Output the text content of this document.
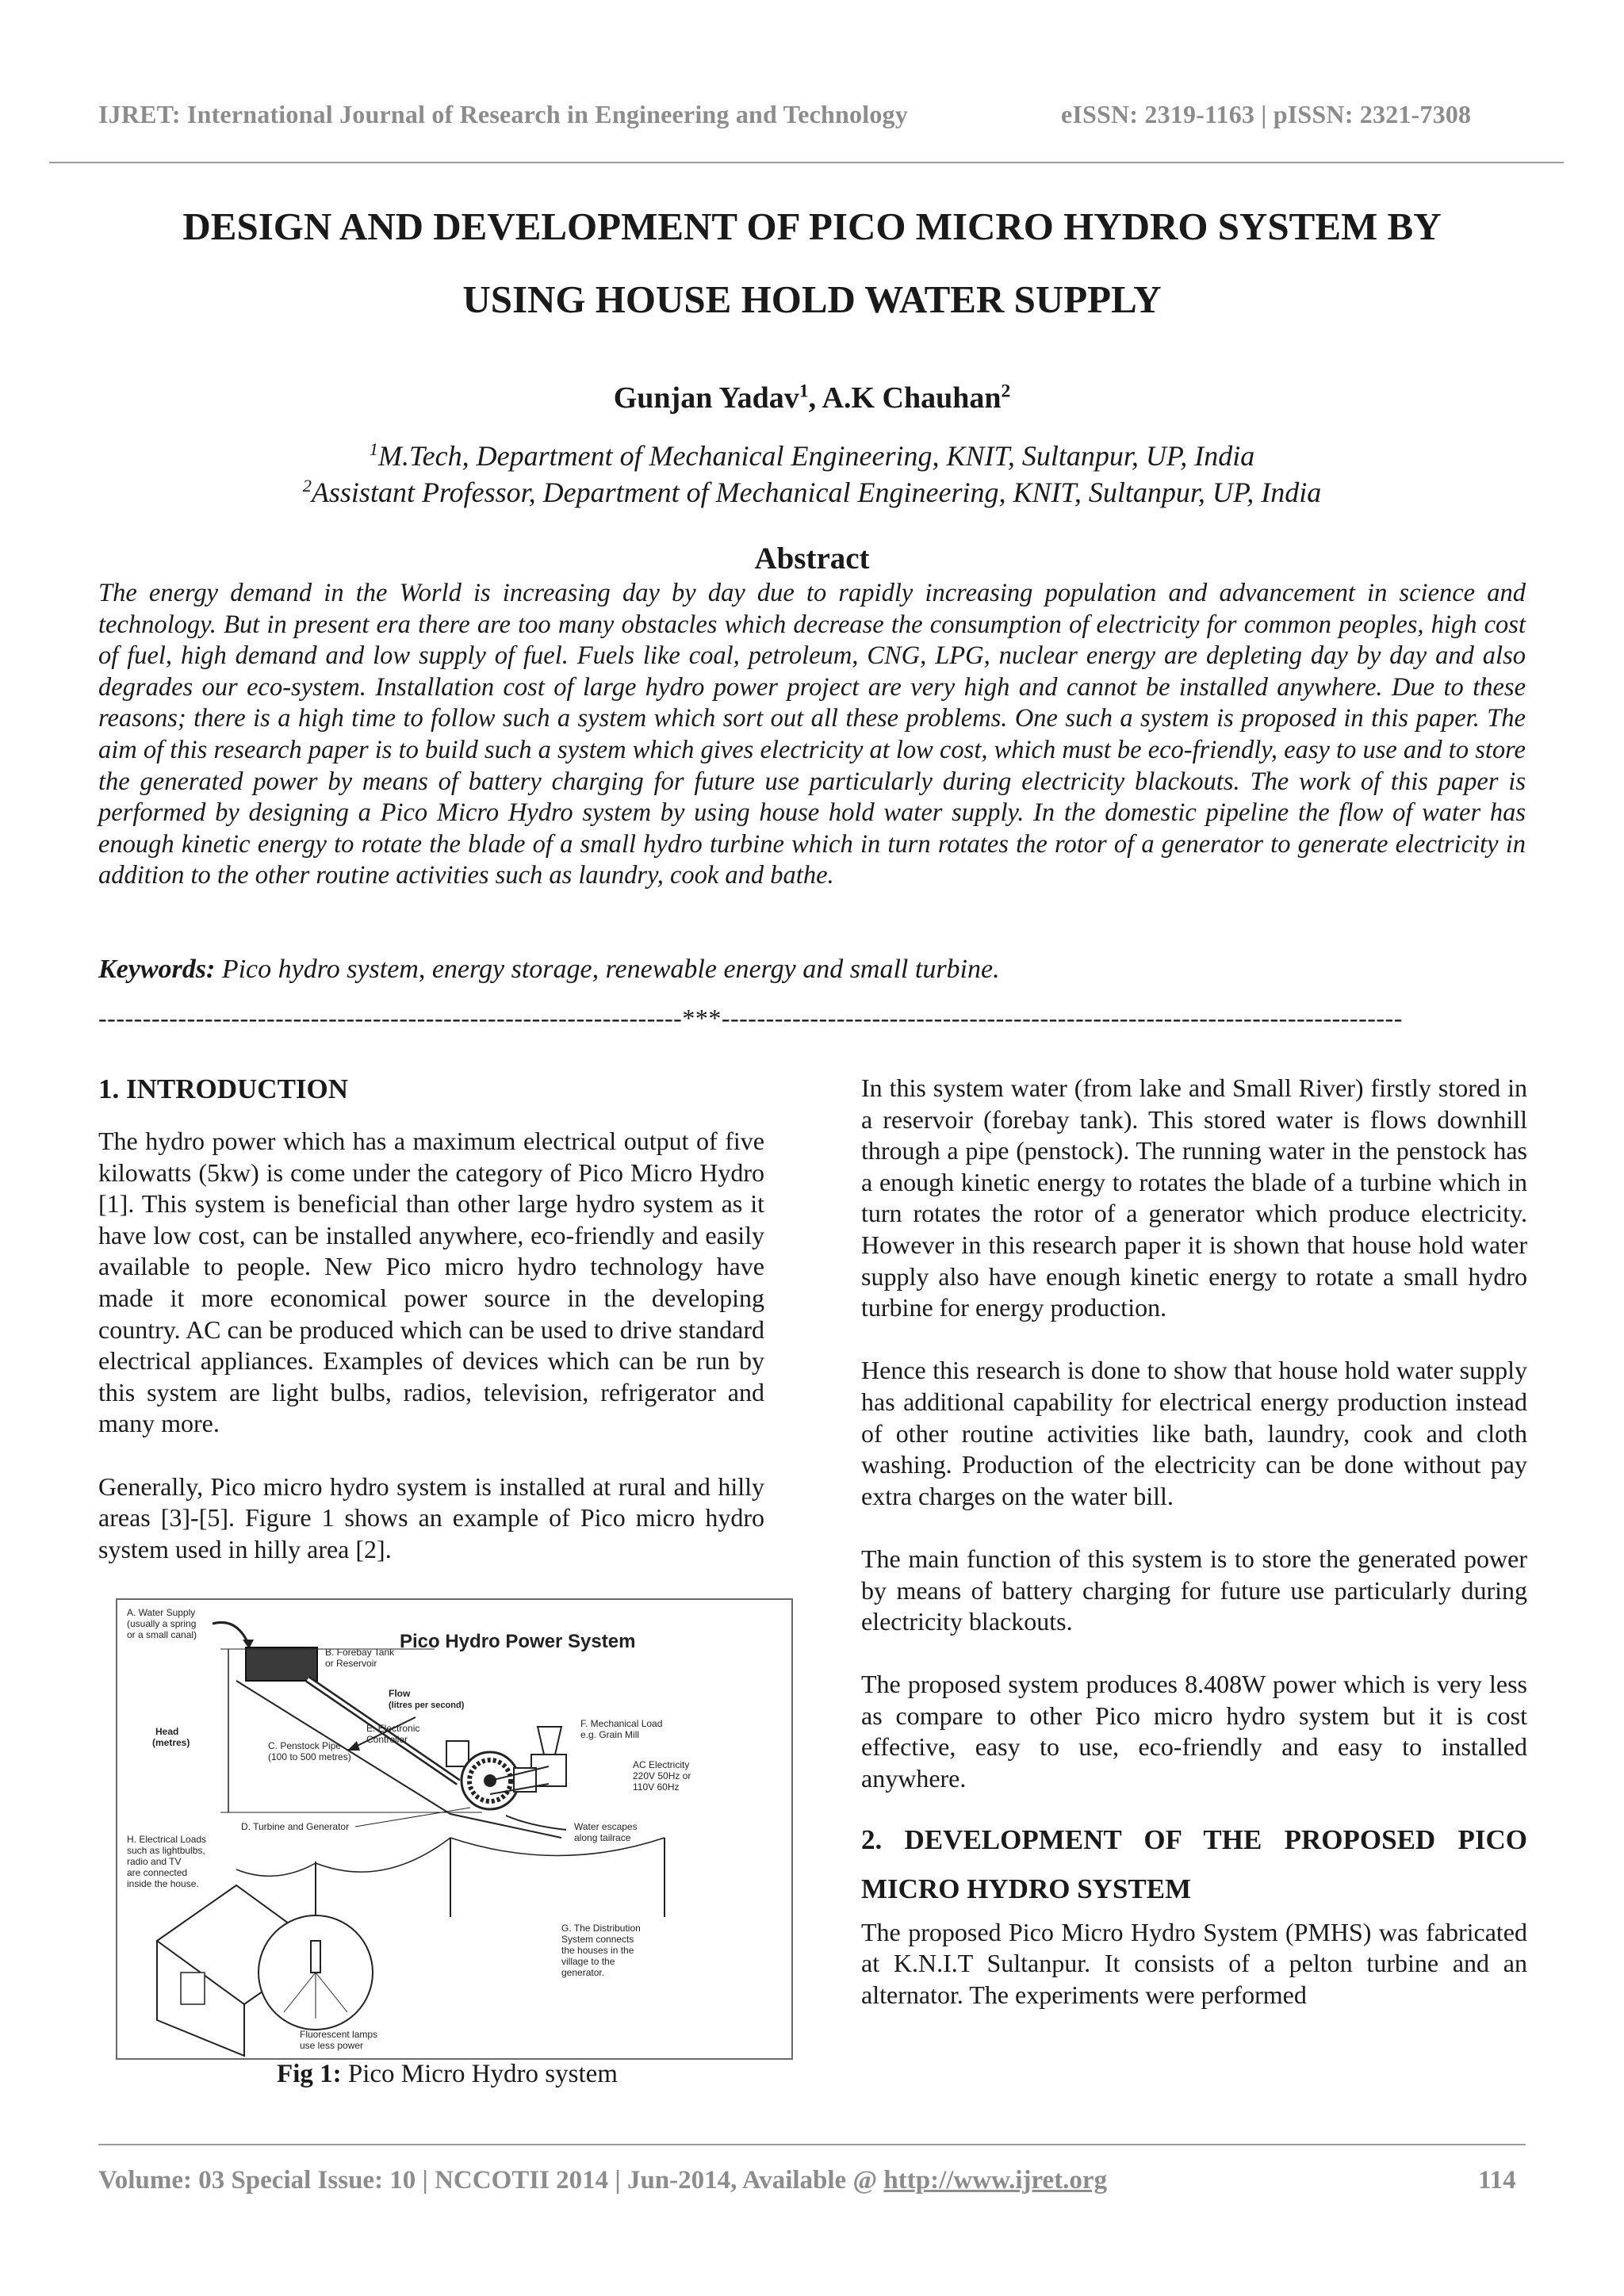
IJRET: International Journal of Research in Engineering and Technology	eISSN: 2319-1163 | pISSN: 2321-7308
DESIGN AND DEVELOPMENT OF PICO MICRO HYDRO SYSTEM BY
USING HOUSE HOLD WATER SUPPLY
Gunjan Yadav$^1$, A.K Chauhan$^2$
$^1$M.Tech, Department of Mechanical Engineering, KNIT, Sultanpur, UP, India
$^2$Assistant Professor, Department of Mechanical Engineering, KNIT, Sultanpur, UP, India
Abstract
The energy demand in the World is increasing day by day due to rapidly increasing population and advancement in science and technology. But in present era there are too many obstacles which decrease the consumption of electricity for common peoples, high cost of fuel, high demand and low supply of fuel. Fuels like coal, petroleum, CNG, LPG, nuclear energy are depleting day by day and also degrades our eco-system. Installation cost of large hydro power project are very high and cannot be installed anywhere. Due to these reasons; there is a high time to follow such a system which sort out all these problems. One such a system is proposed in this paper. The aim of this research paper is to build such a system which gives electricity at low cost, which must be eco-friendly, easy to use and to store the generated power by means of battery charging for future use particularly during electricity blackouts. The work of this paper is performed by designing a Pico Micro Hydro system by using house hold water supply. In the domestic pipeline the flow of water has enough kinetic energy to rotate the blade of a small hydro turbine which in turn rotates the rotor of a generator to generate electricity in addition to the other routine activities such as laundry, cook and bathe.
Keywords: Pico hydro system, energy storage, renewable energy and small turbine.
------------------------------------------------------------------***-----------------------------------------------------------------------------
1. INTRODUCTION

The hydro power which has a maximum electrical output of five kilowatts (5kw) is come under the category of Pico Micro Hydro [1]. This system is beneficial than other large hydro system as it have low cost, can be installed anywhere, eco-friendly and easily available to people. New Pico micro hydro technology have made it more economical power source in the developing country. AC can be produced which can be used to drive standard electrical appliances. Examples of devices which can be run by this system are light bulbs, radios, television, refrigerator and many more.

Generally, Pico micro hydro system is installed at rural and hilly areas [3]-[5]. Figure 1 shows an example of Pico micro hydro system used in hilly area [2].

Pico Hydro Power System
A. Water Supply
(usually a spring
or a small canal)
B. Forebay Tank
or Reservoir
Head
(metres)
Flow
(litres per second)
C. Penstock Pipe
(100 to 500 metres)
E. Electronic
Controller
F. Mechanical Load
e.g. Grain Mill
AC Electricity
220V 50Hz or
110V 60Hz
D. Turbine and Generator	Water escapes
along tailrace
G. The Distribution
System connects
the houses in the
village to the
generator.
H. Electrical Loads
such as lightbulbs,
radio and TV
are connected
inside the house.
Fluorescent lamps
use less power
Fig 1: Pico Micro Hydro system

In this system water (from lake and Small River) firstly stored in a reservoir (forebay tank). This stored water is flows downhill through a pipe (penstock). The running water in the penstock has a enough kinetic energy to rotates the blade of a turbine which in turn rotates the rotor of a generator which produce electricity. However in this research paper it is shown that house hold water supply also have enough kinetic energy to rotate a small hydro turbine for energy production.

Hence this research is done to show that house hold water supply has additional capability for electrical energy production instead of other routine activities like bath, laundry, cook and cloth washing. Production of the electricity can be done without pay extra charges on the water bill.

The main function of this system is to store the generated power by means of battery charging for future use particularly during electricity blackouts.

The proposed system produces 8.408W power which is very less as compare to other Pico micro hydro system but it is cost effective, easy to use, eco-friendly and easy to installed anywhere.

2. DEVELOPMENT OF THE PROPOSED PICO
MICRO HYDRO SYSTEM

The proposed Pico Micro Hydro System (PMHS) was fabricated at K.N.I.T Sultanpur. It consists of a pelton turbine and an alternator. The experiments were performed

Volume: 03 Special Issue: 10 | NCCOTII 2014 | Jun-2014, Available @ http://www.ijret.org	114
